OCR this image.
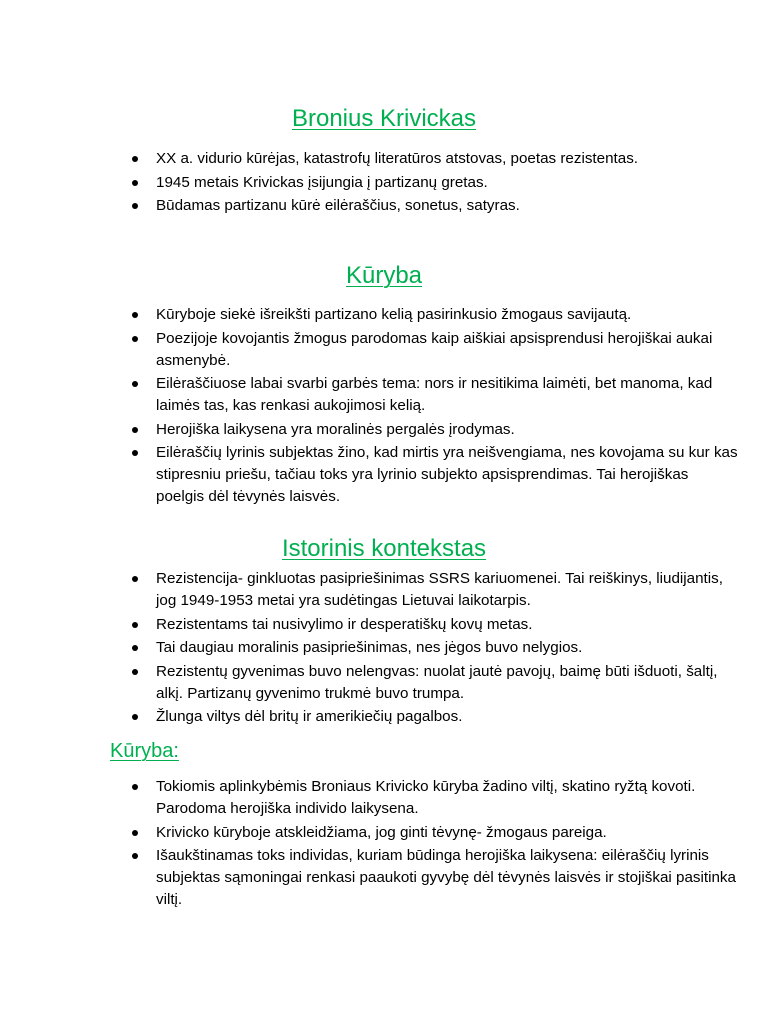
Bronius Krivickas
XX a. vidurio kūrėjas, katastrofų literatūros atstovas, poetas rezistentas.
1945 metais Krivickas įsijungia į partizanų gretas.
Būdamas partizanu kūrė eilėraščius, sonetus, satyras.
Kūryba
Kūryboje siekė išreikšti partizano kelią pasirinkusio žmogaus savijautą.
Poezijoje kovojantis žmogus parodomas kaip aiškiai apsisprendusi herojiškai aukai asmenybė.
Eilėraščiuose labai svarbi garbės tema: nors ir nesitikima laimėti, bet manoma, kad laimės tas, kas renkasi aukojimosi kelią.
Herojiška laikysena yra moralinės pergalės įrodymas.
Eilėraščių lyrinis subjektas žino, kad mirtis yra neišvengiama, nes kovojama su kur kas stipresniu priešu, tačiau toks yra lyrinio subjekto apsisprendimas. Tai herojiškas poelgis dėl tėvynės laisvės.
Istorinis kontekstas
Rezistencija- ginkluotas pasipriešinimas SSRS kariuomenei. Tai reiškinys, liudijantis, jog 1949-1953 metai yra sudėtingas Lietuvai laikotarpis.
Rezistentams tai nusivylimo ir desperatiškų kovų metas.
Tai daugiau moralinis pasipriešinimas, nes jėgos buvo nelygios.
Rezistentų gyvenimas buvo nelengvas: nuolat jautė pavojų, baimę būti išduoti, šaltį, alkį. Partizanų gyvenimo trukmė buvo trumpa.
Žlunga viltys dėl britų ir amerikiečių pagalbos.
Kūryba:
Tokiomis aplinkybėmis Broniaus Krivicko kūryba žadino viltį, skatino ryžtą kovoti. Parodoma herojiška individo laikysena.
Krivicko kūryboje atskleidžiama, jog ginti tėvynę- žmogaus pareiga.
Išaukštinamas toks individas, kuriam būdinga herojiška laikysena: eilėraščių lyrinis subjektas sąmoningai renkasi paaukoti gyvybę dėl tėvynės laisvės ir stojiškai pasitinka viltį.
